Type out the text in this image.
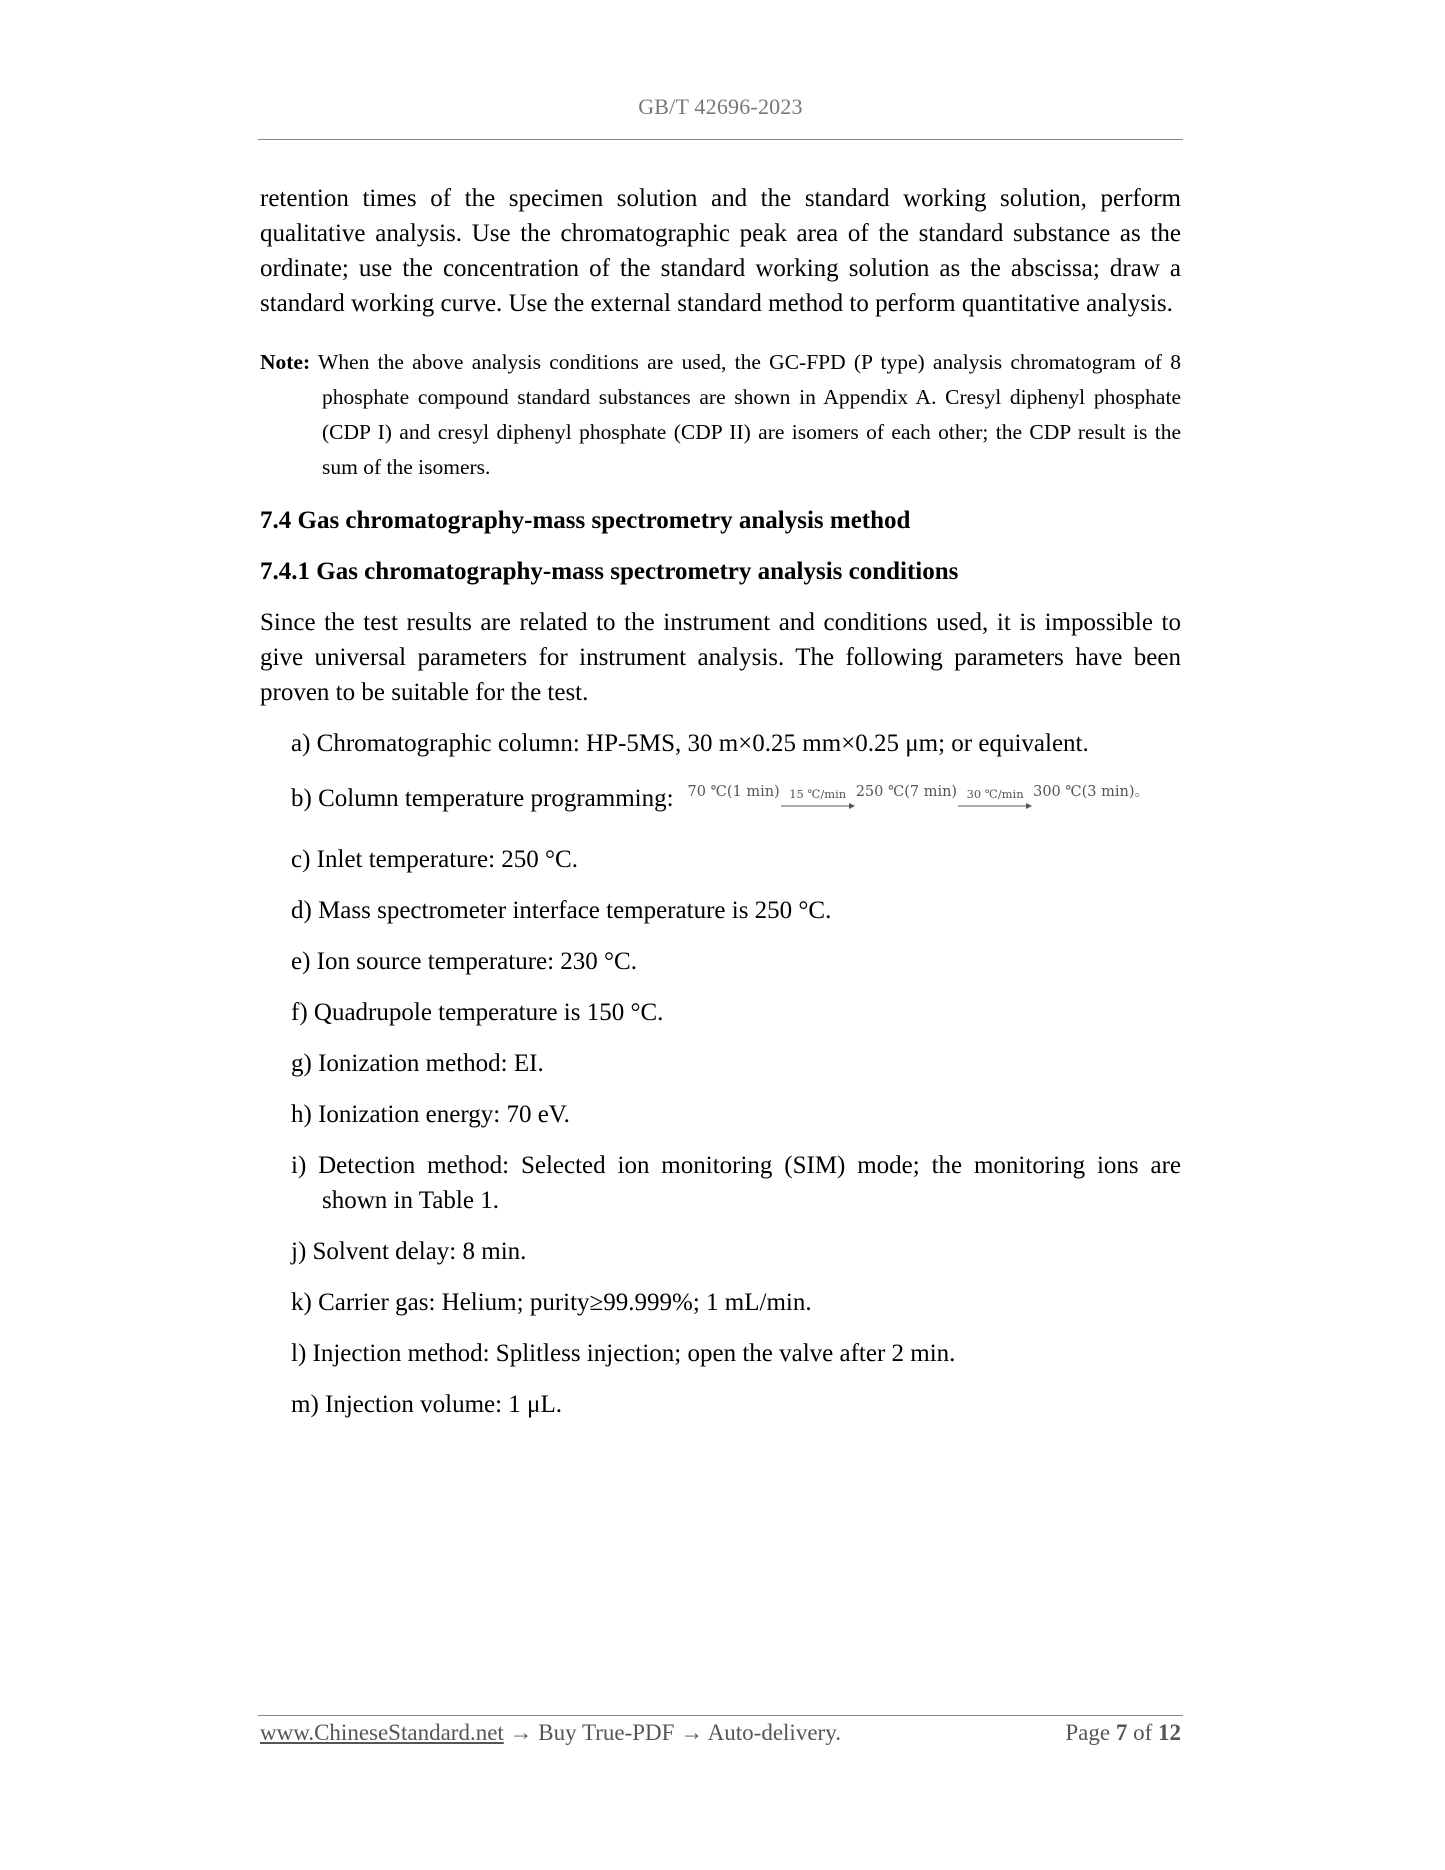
GB/T 42696-2023

retention times of the specimen solution and the standard working solution, perform qualitative analysis. Use the chromatographic peak area of the standard substance as the ordinate; use the concentration of the standard working solution as the abscissa; draw a standard working curve. Use the external standard method to perform quantitative analysis.

Note: When the above analysis conditions are used, the GC-FPD (P type) analysis chromatogram of 8 phosphate compound standard substances are shown in Appendix A. Cresyl diphenyl phosphate (CDP I) and cresyl diphenyl phosphate (CDP II) are isomers of each other; the CDP result is the sum of the isomers.

7.4 Gas chromatography-mass spectrometry analysis method

7.4.1 Gas chromatography-mass spectrometry analysis conditions

Since the test results are related to the instrument and conditions used, it is impossible to give universal parameters for instrument analysis. The following parameters have been proven to be suitable for the test.

a) Chromatographic column: HP-5MS, 30 m×0.25 mm×0.25 μm; or equivalent.

b) Column temperature programming: 70 ℃(1 min) 15 ℃/min 250 ℃(7 min) 30 ℃/min 300 ℃(3 min)。

c) Inlet temperature: 250 °C.

d) Mass spectrometer interface temperature is 250 °C.

e) Ion source temperature: 230 °C.

f) Quadrupole temperature is 150 °C.

g) Ionization method: EI.

h) Ionization energy: 70 eV.

i) Detection method: Selected ion monitoring (SIM) mode; the monitoring ions are shown in Table 1.

j) Solvent delay: 8 min.

k) Carrier gas: Helium; purity≥99.999%; 1 mL/min.

l) Injection method: Splitless injection; open the valve after 2 min.

m) Injection volume: 1 μL.

www.ChineseStandard.net → Buy True-PDF → Auto-delivery.	Page 7 of 12
